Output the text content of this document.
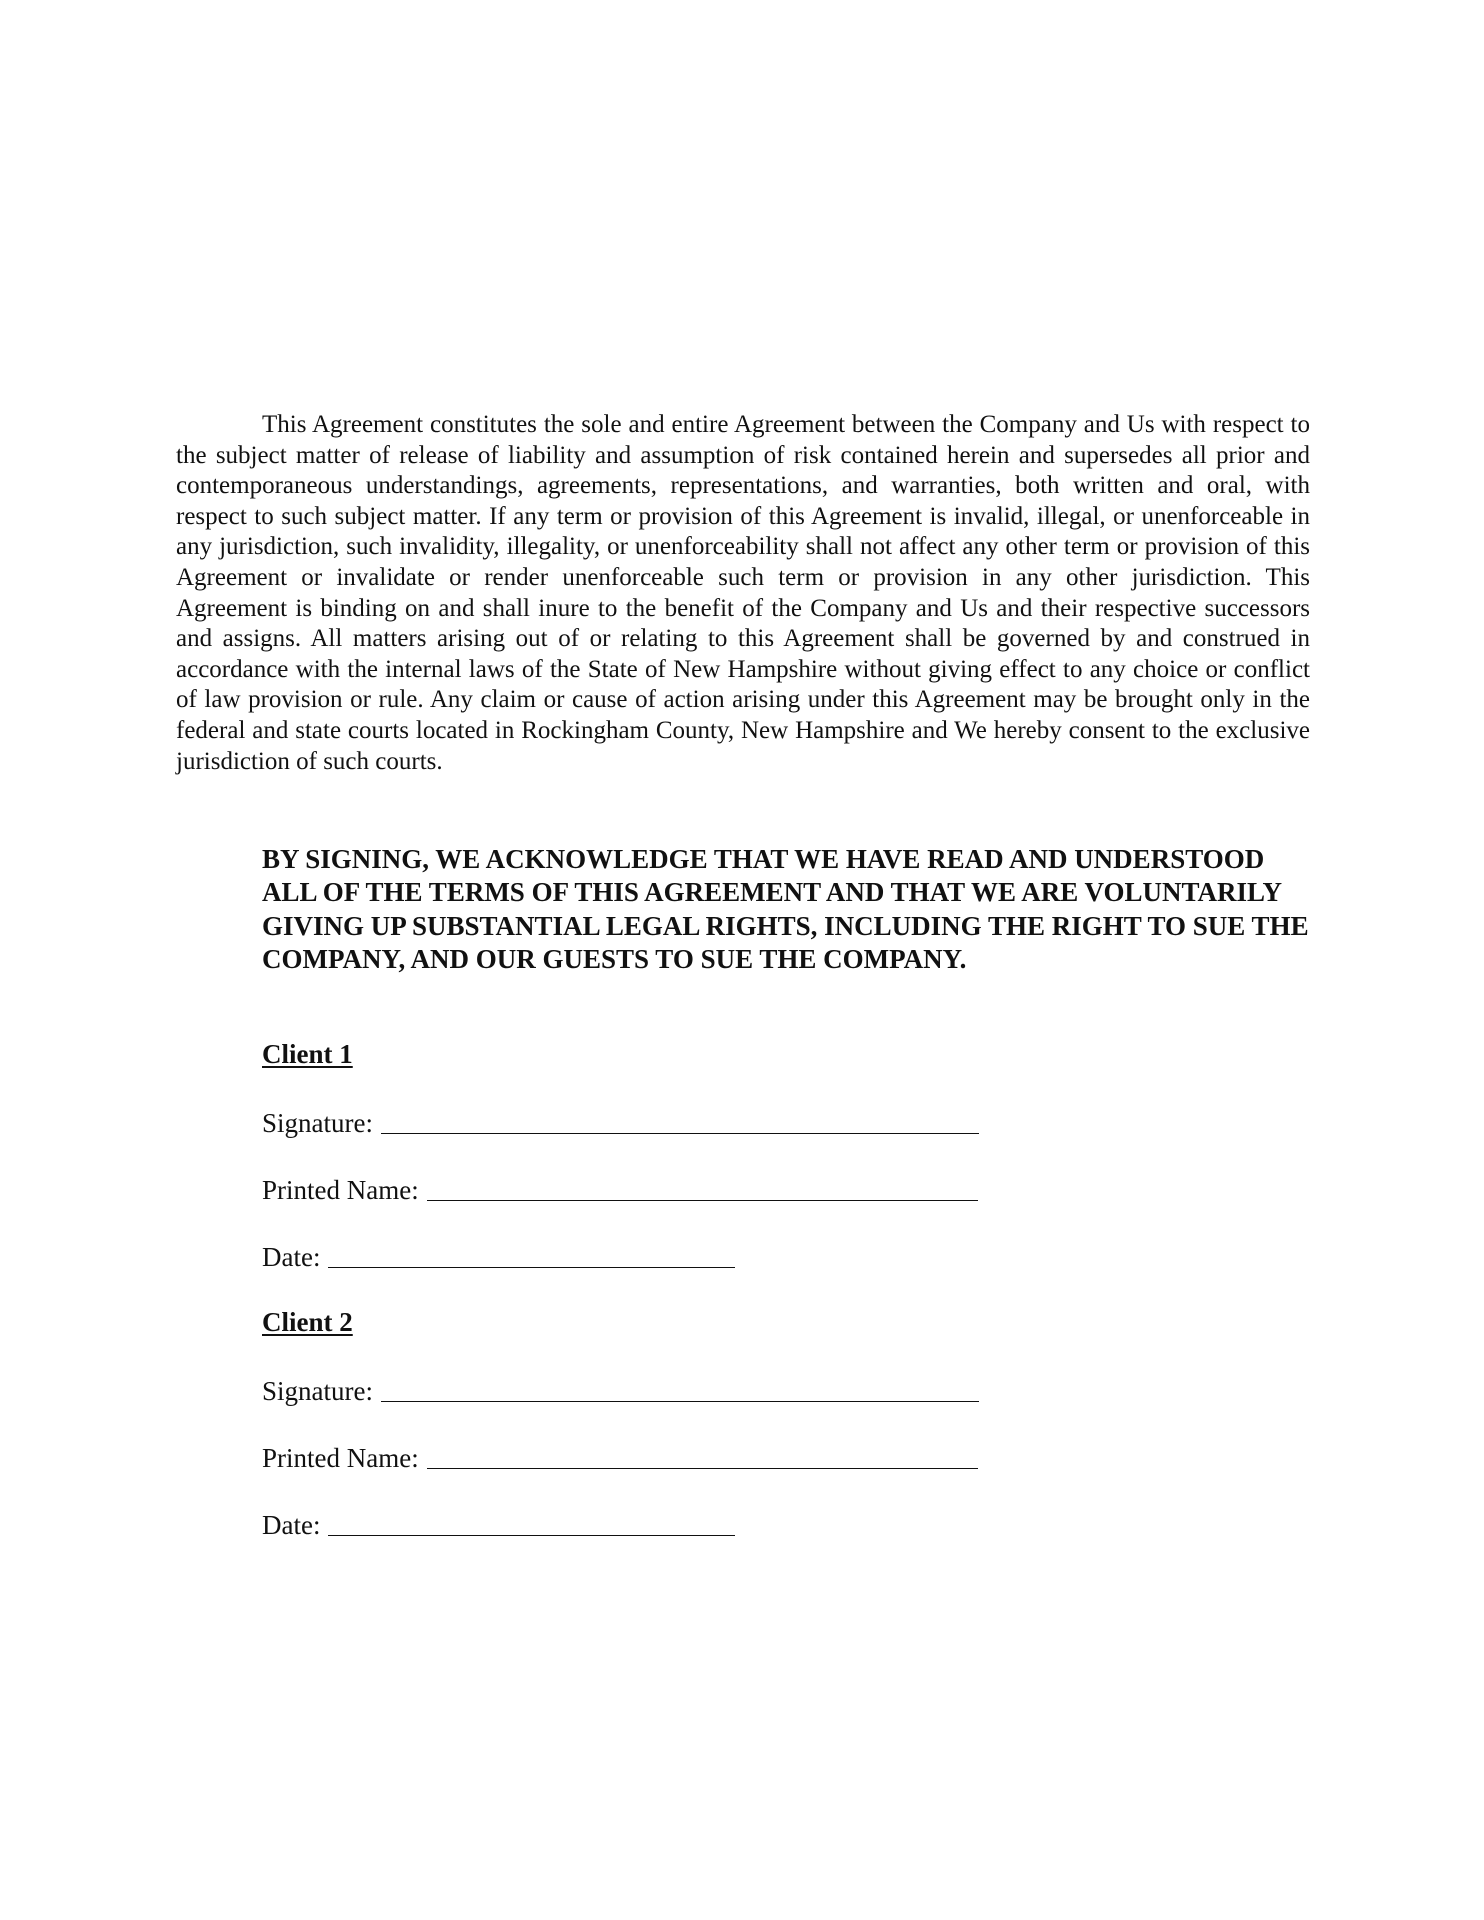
This Agreement constitutes the sole and entire Agreement between the Company and Us with respect to the subject matter of release of liability and assumption of risk contained herein and supersedes all prior and contemporaneous understandings, agreements, representations, and warranties, both written and oral, with respect to such subject matter. If any term or provision of this Agreement is invalid, illegal, or unenforceable in any jurisdiction, such invalidity, illegality, or unenforceability shall not affect any other term or provision of this Agreement or invalidate or render unenforceable such term or provision in any other jurisdiction. This Agreement is binding on and shall inure to the benefit of the Company and Us and their respective successors and assigns. All matters arising out of or relating to this Agreement shall be governed by and construed in accordance with the internal laws of the State of New Hampshire without giving effect to any choice or conflict of law provision or rule. Any claim or cause of action arising under this Agreement may be brought only in the federal and state courts located in Rockingham County, New Hampshire and We hereby consent to the exclusive jurisdiction of such courts.

BY SIGNING, WE ACKNOWLEDGE THAT WE HAVE READ AND UNDERSTOOD ALL OF THE TERMS OF THIS AGREEMENT AND THAT WE ARE VOLUNTARILY GIVING UP SUBSTANTIAL LEGAL RIGHTS, INCLUDING THE RIGHT TO SUE THE COMPANY, AND OUR GUESTS TO SUE THE COMPANY.

Client 1

Signature:
Printed Name:
Date:

Client 2

Signature:
Printed Name:
Date:
